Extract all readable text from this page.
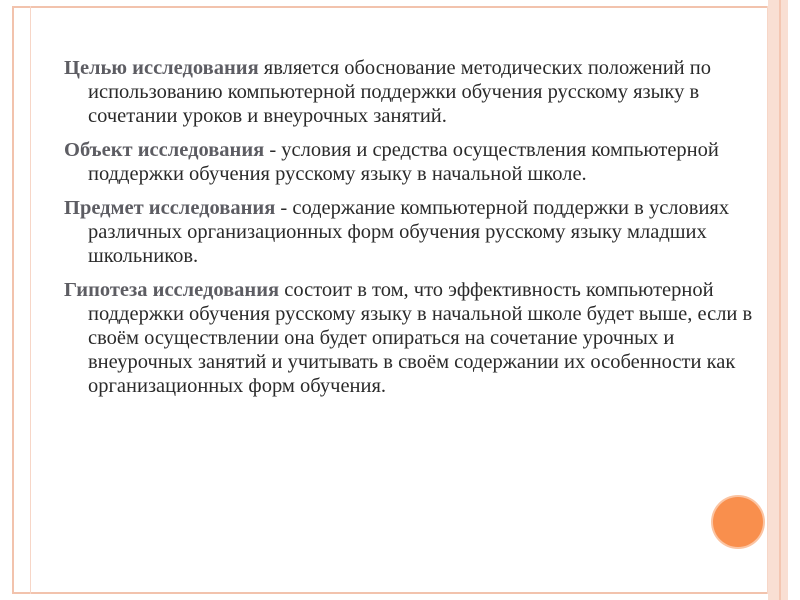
Целью исследования является обоснование методических положений по использованию компьютерной поддержки обучения русскому языку в сочетании уроков и внеурочных занятий.

Объект исследования - условия и средства осуществления компьютерной поддержки обучения русскому языку в начальной школе.

Предмет исследования - содержание компьютерной поддержки в условиях различных организационных форм обучения русскому языку младших школьников.

Гипотеза исследования состоит в том, что эффективность компьютерной поддержки обучения русскому языку в начальной школе будет выше, если в своём осуществлении она будет опираться на сочетание урочных и внеурочных занятий и учитывать в своём содержании их особенности как организационных форм обучения.
